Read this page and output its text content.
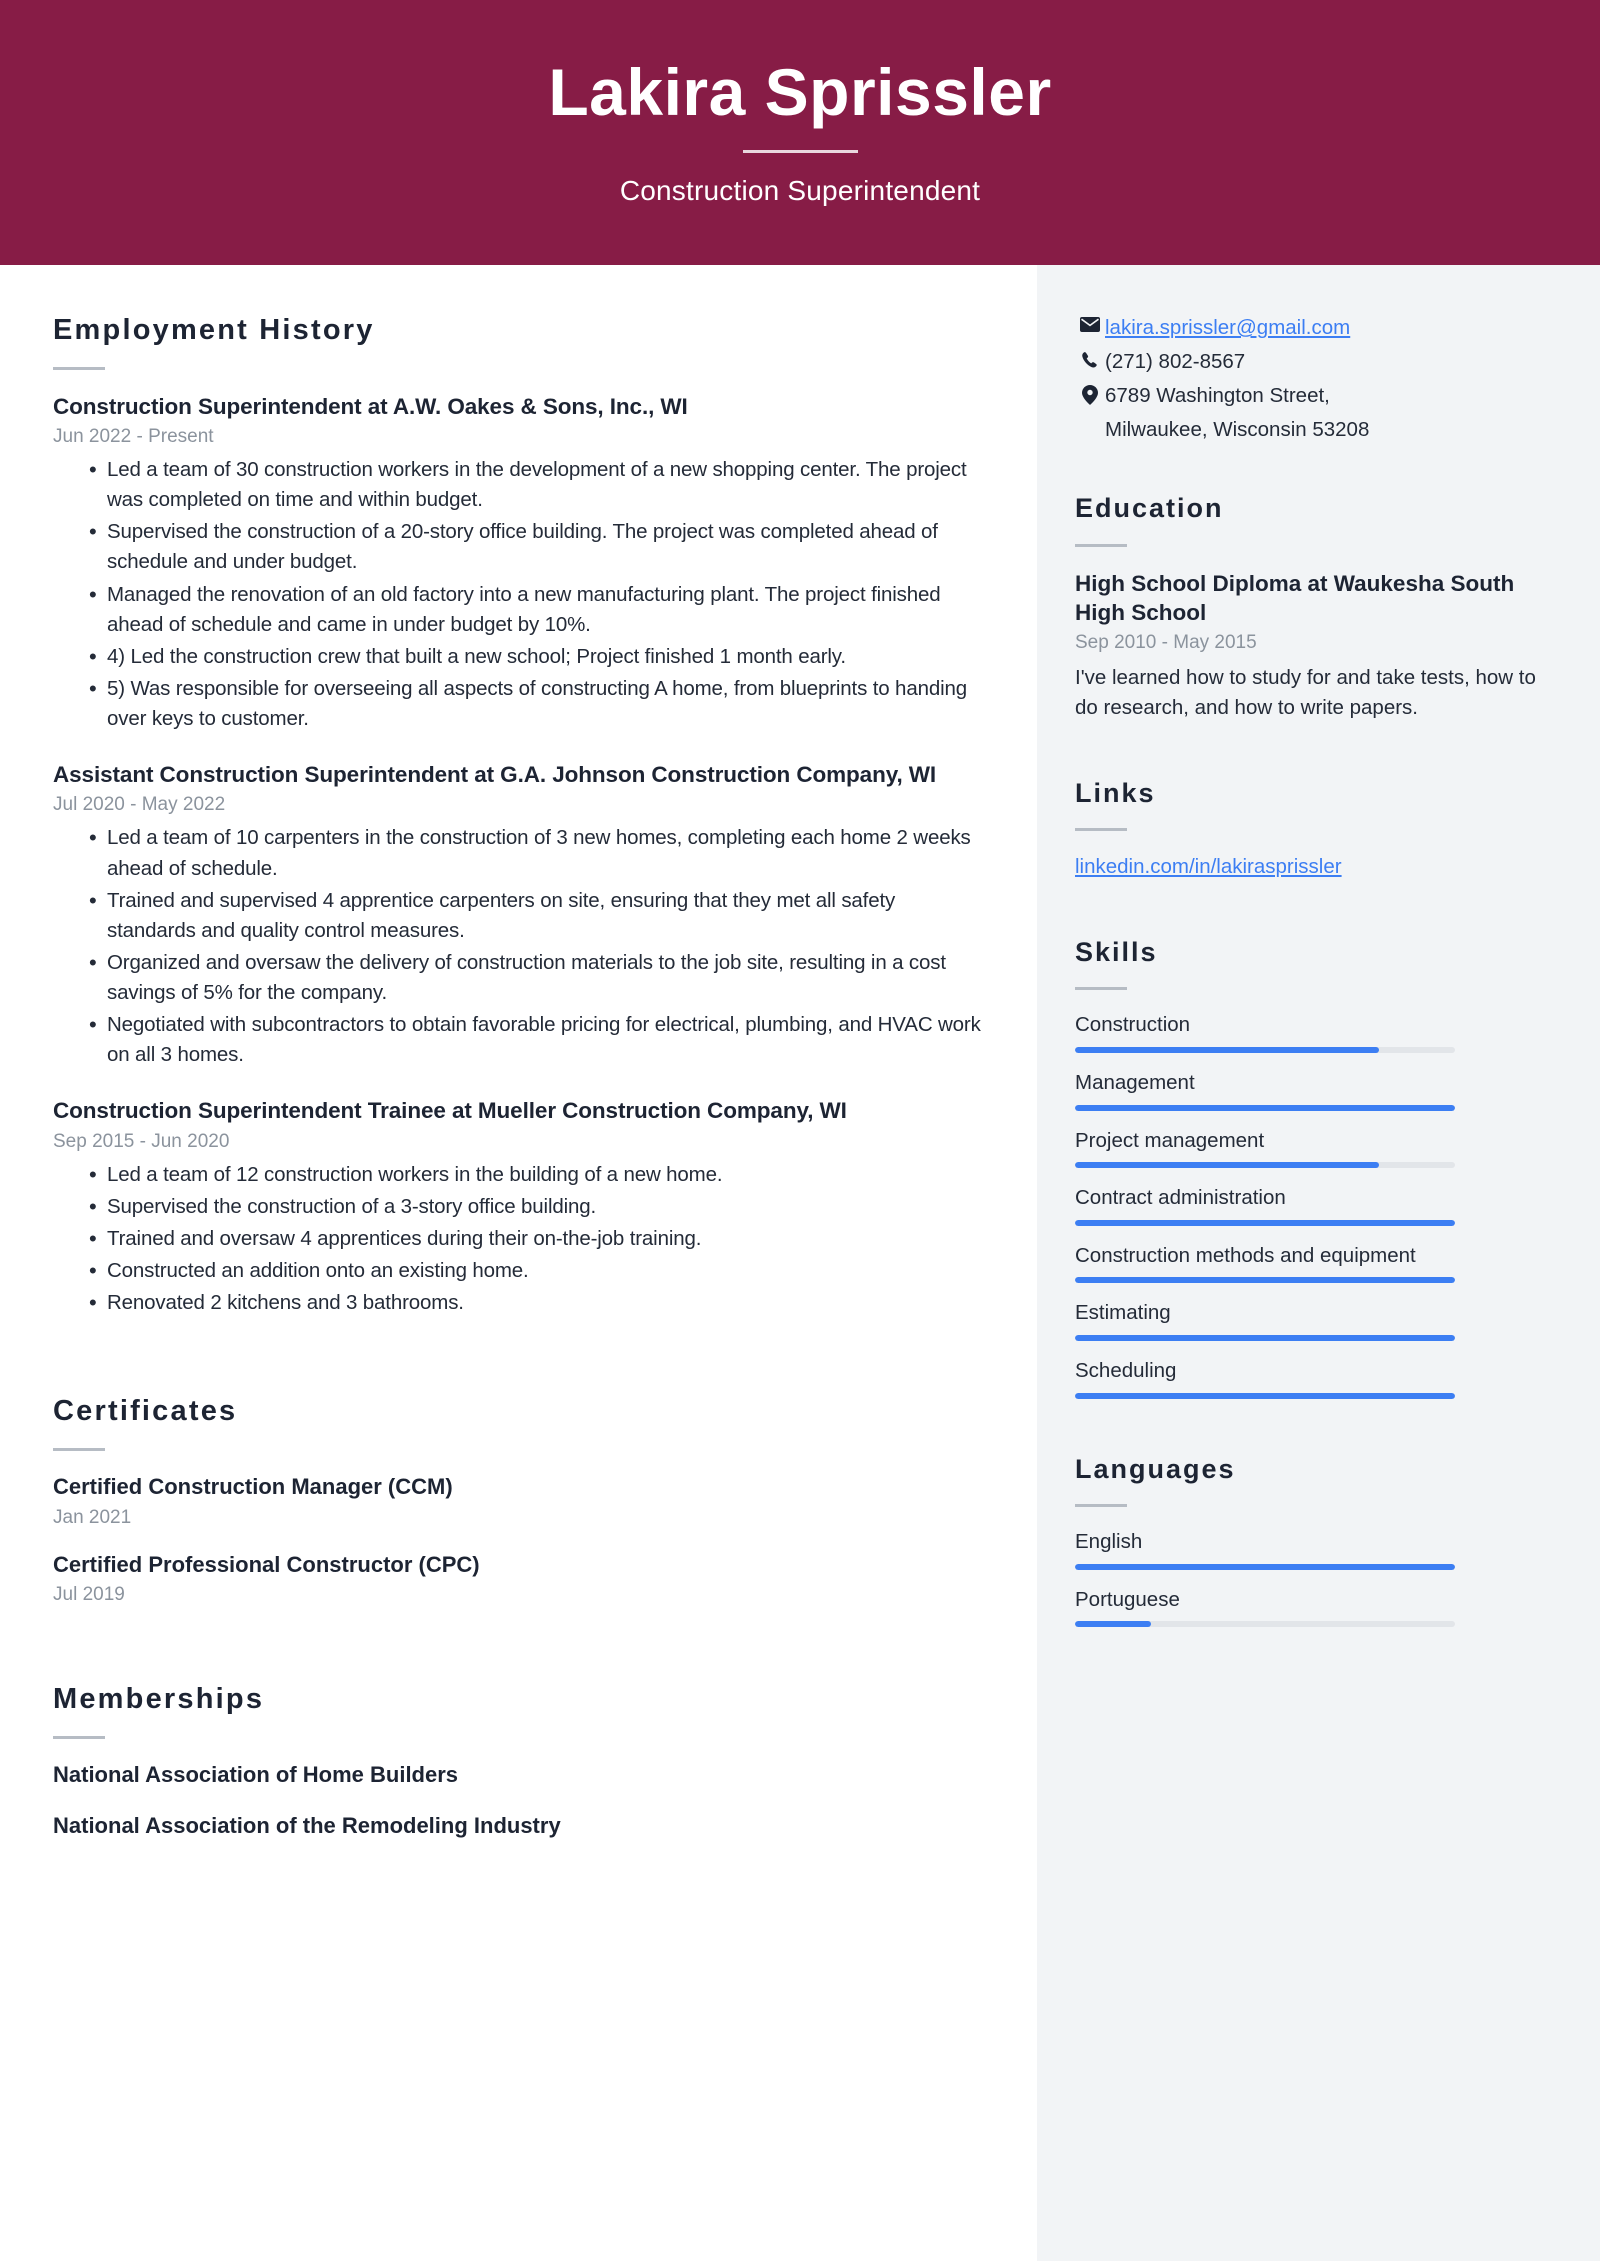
Lakira Sprissler
Construction Superintendent
Employment History
Construction Superintendent at A.W. Oakes & Sons, Inc., WI
Jun 2022 - Present
• Led a team of 30 construction workers in the development of a new shopping center. The project was completed on time and within budget.
• Supervised the construction of a 20-story office building. The project was completed ahead of schedule and under budget.
• Managed the renovation of an old factory into a new manufacturing plant. The project finished ahead of schedule and came in under budget by 10%.
• 4) Led the construction crew that built a new school; Project finished 1 month early.
• 5) Was responsible for overseeing all aspects of constructing A home, from blueprints to handing over keys to customer.
Assistant Construction Superintendent at G.A. Johnson Construction Company, WI
Jul 2020 - May 2022
• Led a team of 10 carpenters in the construction of 3 new homes, completing each home 2 weeks ahead of schedule.
• Trained and supervised 4 apprentice carpenters on site, ensuring that they met all safety standards and quality control measures.
• Organized and oversaw the delivery of construction materials to the job site, resulting in a cost savings of 5% for the company.
• Negotiated with subcontractors to obtain favorable pricing for electrical, plumbing, and HVAC work on all 3 homes.
Construction Superintendent Trainee at Mueller Construction Company, WI
Sep 2015 - Jun 2020
• Led a team of 12 construction workers in the building of a new home.
• Supervised the construction of a 3-story office building.
• Trained and oversaw 4 apprentices during their on-the-job training.
• Constructed an addition onto an existing home.
• Renovated 2 kitchens and 3 bathrooms.
Certificates
Certified Construction Manager (CCM)
Jan 2021
Certified Professional Constructor (CPC)
Jul 2019
Memberships
National Association of Home Builders
National Association of the Remodeling Industry
lakira.sprissler@gmail.com
(271) 802-8567
6789 Washington Street,
Milwaukee, Wisconsin 53208
Education
High School Diploma at Waukesha South High School
Sep 2010 - May 2015
I've learned how to study for and take tests, how to do research, and how to write papers.
Links
linkedin.com/in/lakirasprissler
Skills
Construction
Management
Project management
Contract administration
Construction methods and equipment
Estimating
Scheduling
Languages
English
Portuguese
